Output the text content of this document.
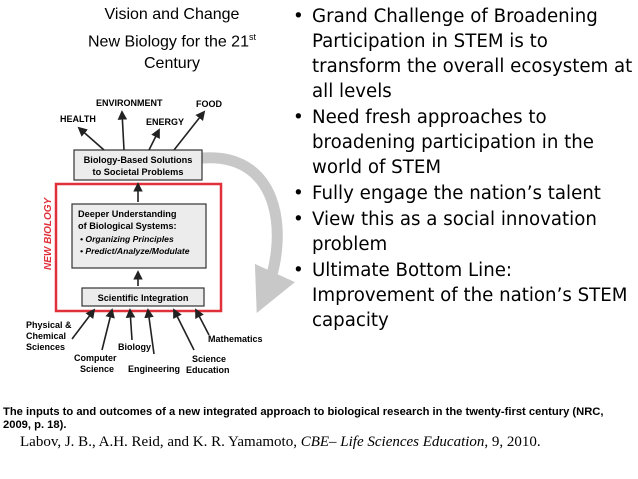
Vision and Change
New Biology for the 21st
Century
• Grand Challenge of Broadening Participation in STEM is to transform the overall ecosystem at all levels
• Need fresh approaches to broadening participation in the world of STEM
• Fully engage the nation’s talent
• View this as a social innovation problem
• Ultimate Bottom Line: Improvement of the nation’s STEM capacity
ENVIRONMENT	FOOD
HEALTH	ENERGY
NEW BIOLOGY
Biology-Based Solutions
to Societal Problems
Deeper Understanding
of Biological Systems:
• Organizing Principles
• Predict/Analyze/Modulate
Scientific Integration
Physical &
Chemical
Sciences
Computer
Science
Biology
Engineering
Mathematics
Science
Education
The inputs to and outcomes of a new integrated approach to biological research in the twenty-first century (NRC, 2009, p. 18).
Labov, J. B., A.H. Reid, and K. R. Yamamoto, CBE– Life Sciences Education, 9, 2010.
